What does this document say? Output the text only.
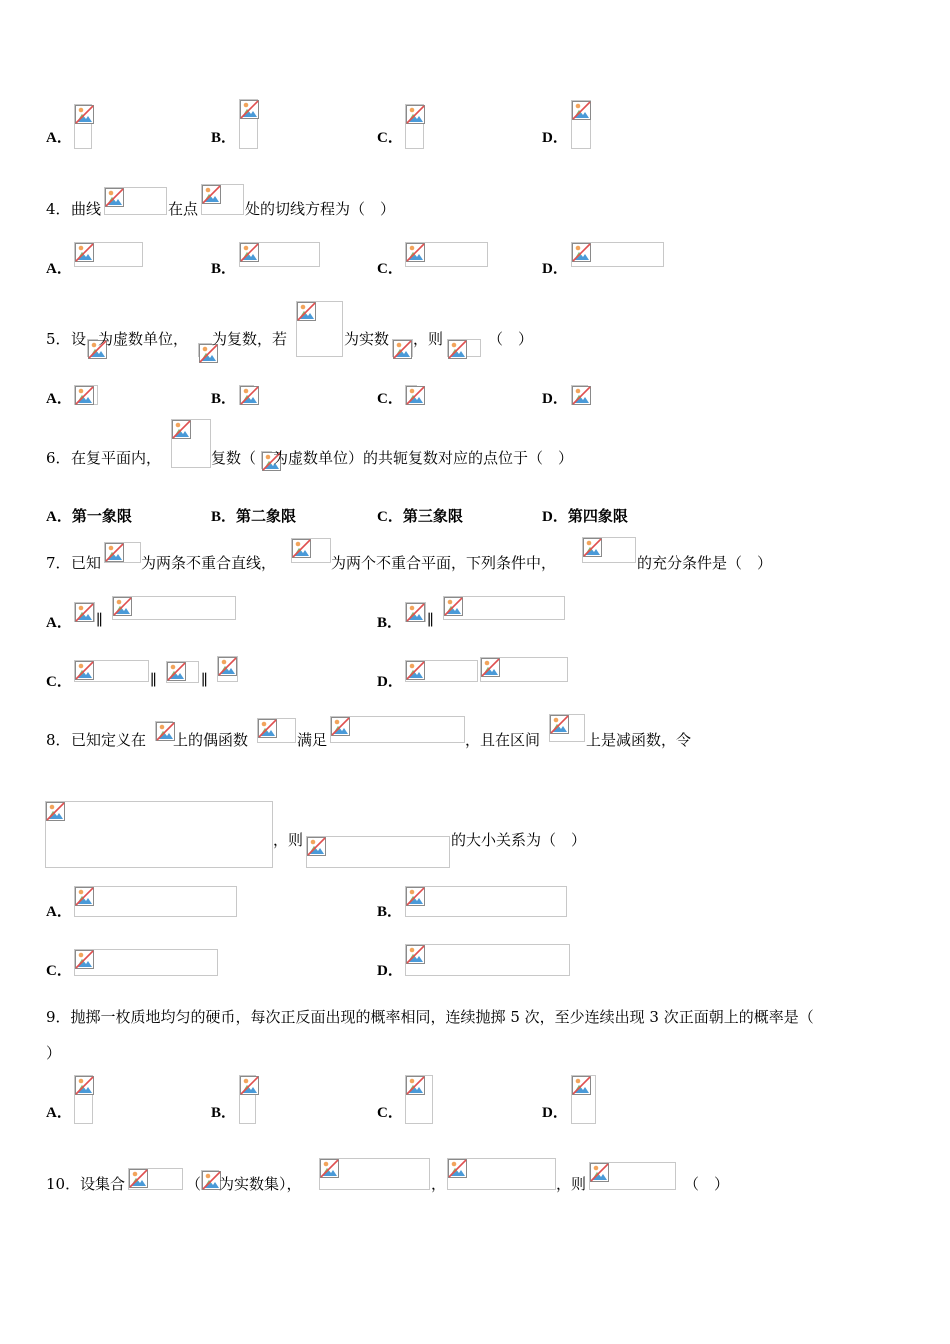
A．	B．	C．	D．
4． 曲线	在点	处的切线方程为（　）
A．	B．	C．	D．
5． 设 为虚数单位， 为复数，若	为实数 ，则	（　）
A．	B．	C．	D．
6． 在复平面内，	复数（ 为虚数单位）的共轭复数对应的点位于（　）
A．第一象限	B．第二象限	C．第三象限	D．第四象限
7． 已知	为两条不重合直线，	为两个不重合平面，下列条件中，	的充分条件是（　）
A． ∥	B． ∥
C．	∥	∥	D．
8． 已知定义在 上的偶函数	满足	，且在区间	上是减函数，令
，则	的大小关系为（　）
A．	B．
C．	D．
9．抛掷一枚质地均匀的硬币，每次正反面出现的概率相同，连续抛掷 5 次，至少连续出现 3 次正面朝上的概率是（
）
A．	B．	C．	D．
10． 设集合	（ 为实数集），	，	，则	（　）
